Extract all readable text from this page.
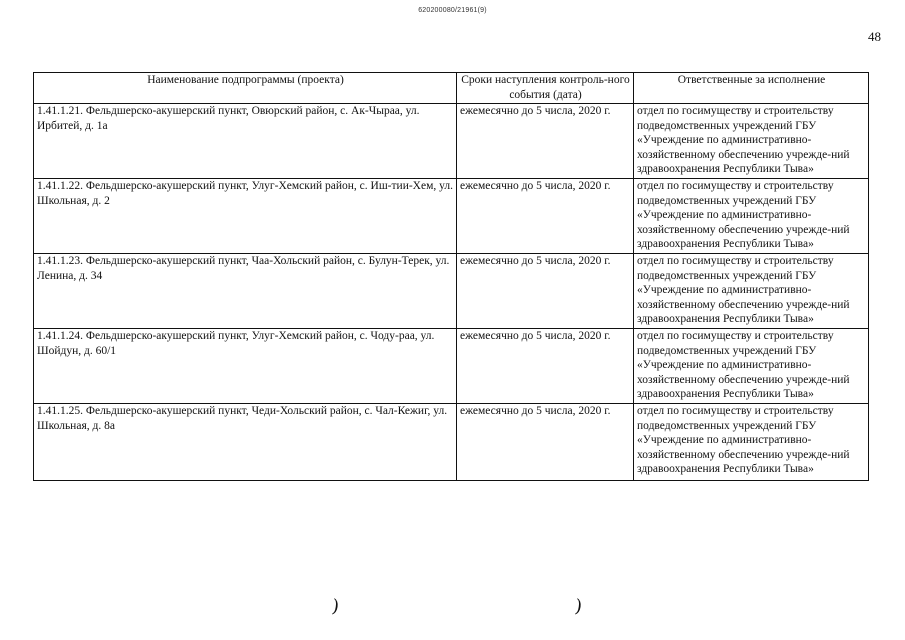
620200080/21961(9)
48
Наименование подпрограммы (проекта)	Сроки наступления контроль-ного события (дата)	Ответственные за исполнение
1.41.1.21. Фельдшерско-акушерский пункт, Овюрский район, с. Ак-Чыраа, ул. Ирбитей, д. 1а	ежемесячно до 5 числа, 2020 г.	отдел по госимуществу и строительству подведомственных учреждений ГБУ «Учреждение по административно-хозяйственному обеспечению учрежде-ний здравоохранения Республики Тыва»
1.41.1.22. Фельдшерско-акушерский пункт, Улуг-Хемский район, с. Иш-тии-Хем, ул. Школьная, д. 2	ежемесячно до 5 числа, 2020 г.	отдел по госимуществу и строительству подведомственных учреждений ГБУ «Учреждение по административно-хозяйственному обеспечению учрежде-ний здравоохранения Республики Тыва»
1.41.1.23. Фельдшерско-акушерский пункт, Чаа-Хольский район, с. Булун-Терек, ул. Ленина, д. 34	ежемесячно до 5 числа, 2020 г.	отдел по госимуществу и строительству подведомственных учреждений ГБУ «Учреждение по административно-хозяйственному обеспечению учрежде-ний здравоохранения Республики Тыва»
1.41.1.24. Фельдшерско-акушерский пункт, Улуг-Хемский район, с. Чоду-раа, ул. Шойдун, д. 60/1	ежемесячно до 5 числа, 2020 г.	отдел по госимуществу и строительству подведомственных учреждений ГБУ «Учреждение по административно-хозяйственному обеспечению учрежде-ний здравоохранения Республики Тыва»
1.41.1.25. Фельдшерско-акушерский пункт, Чеди-Хольский район, с. Чал-Кежиг, ул. Школьная, д. 8а	ежемесячно до 5 числа, 2020 г.	отдел по госимуществу и строительству подведомственных учреждений ГБУ «Учреждение по административно-хозяйственному обеспечению учрежде-ний здравоохранения Республики Тыва»
)	)
